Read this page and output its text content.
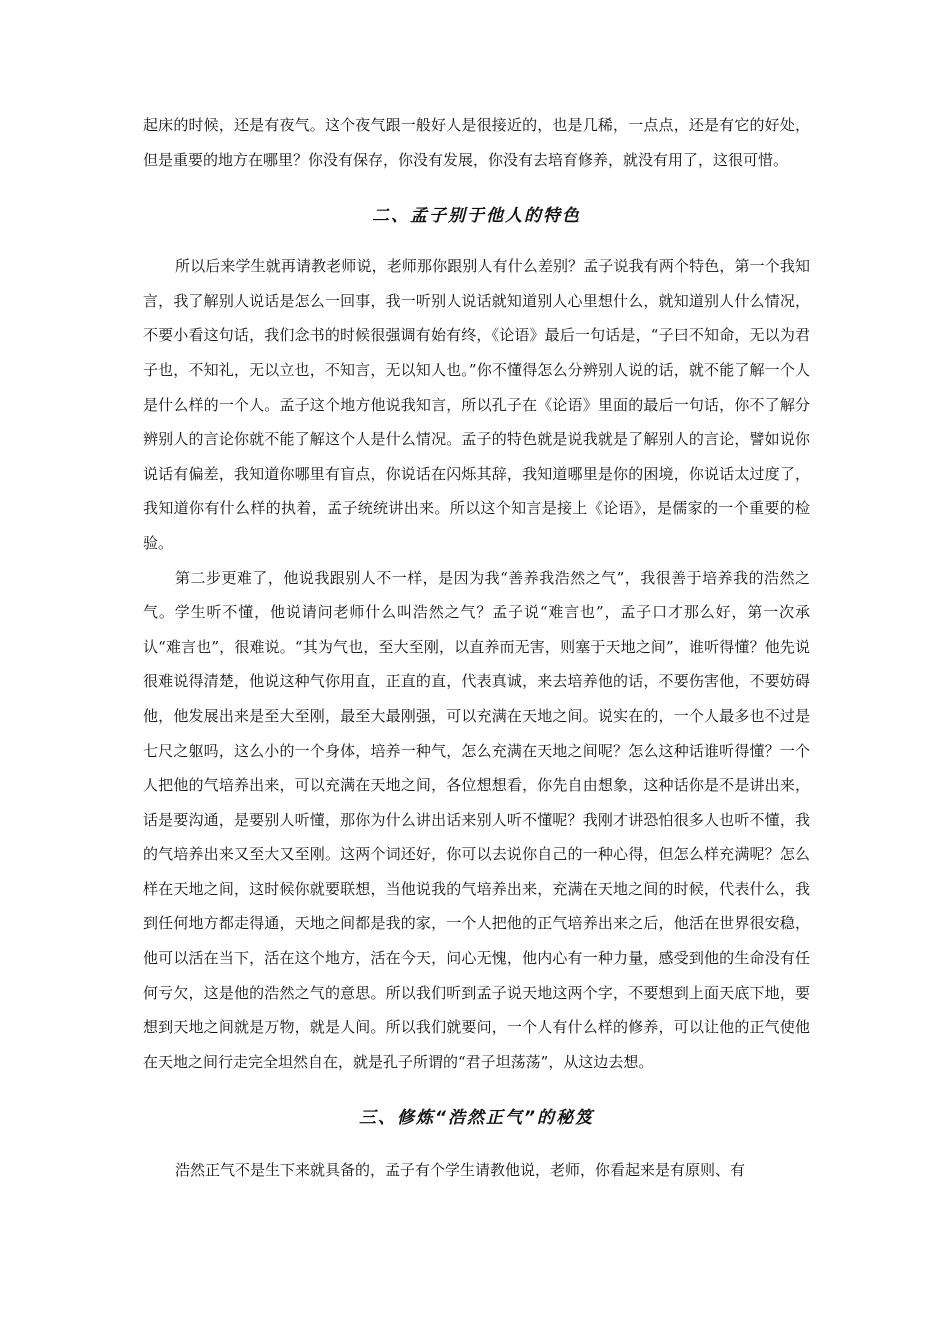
起床的时候，还是有夜气。这个夜气跟一般好人是很接近的，也是几稀，一点点，还是有它的好处，但是重要的地方在哪里？你没有保存，你没有发展，你没有去培育修养，就没有用了，这很可惜。

二、孟子别于他人的特色

所以后来学生就再请教老师说，老师那你跟别人有什么差别？孟子说我有两个特色，第一个我知言，我了解别人说话是怎么一回事，我一听别人说话就知道别人心里想什么，就知道别人什么情况，不要小看这句话，我们念书的时候很强调有始有终，《论语》最后一句话是，“子曰不知命，无以为君子也，不知礼，无以立也，不知言，无以知人也。”你不懂得怎么分辨别人说的话，就不能了解一个人是什么样的一个人。孟子这个地方他说我知言，所以孔子在《论语》里面的最后一句话，你不了解分辨别人的言论你就不能了解这个人是什么情况。孟子的特色就是说我就是了解别人的言论，譬如说你说话有偏差，我知道你哪里有盲点，你说话在闪烁其辞，我知道哪里是你的困境，你说话太过度了，我知道你有什么样的执着，孟子统统讲出来。所以这个知言是接上《论语》，是儒家的一个重要的检验。

第二步更难了，他说我跟别人不一样，是因为我“善养我浩然之气”，我很善于培养我的浩然之气。学生听不懂，他说请问老师什么叫浩然之气？孟子说“难言也”，孟子口才那么好，第一次承认“难言也”，很难说。“其为气也，至大至刚，以直养而无害，则塞于天地之间”，谁听得懂？他先说很难说得清楚，他说这种气你用直，正直的直，代表真诚，来去培养他的话，不要伤害他，不要妨碍他，他发展出来是至大至刚，最至大最刚强，可以充满在天地之间。说实在的，一个人最多也不过是七尺之躯吗，这么小的一个身体，培养一种气，怎么充满在天地之间呢？怎么这种话谁听得懂？一个人把他的气培养出来，可以充满在天地之间，各位想想看，你先自由想象，这种话你是不是讲出来，话是要沟通，是要别人听懂，那你为什么讲出话来别人听不懂呢？我刚才讲恐怕很多人也听不懂，我的气培养出来又至大又至刚。这两个词还好，你可以去说你自己的一种心得，但怎么样充满呢？怎么样在天地之间，这时候你就要联想，当他说我的气培养出来，充满在天地之间的时候，代表什么，我到任何地方都走得通，天地之间都是我的家，一个人把他的正气培养出来之后，他活在世界很安稳，他可以活在当下，活在这个地方，活在今天，问心无愧，他内心有一种力量，感受到他的生命没有任何亏欠，这是他的浩然之气的意思。所以我们听到孟子说天地这两个字，不要想到上面天底下地，要想到天地之间就是万物，就是人间。所以我们就要问，一个人有什么样的修养，可以让他的正气使他在天地之间行走完全坦然自在，就是孔子所谓的“君子坦荡荡”，从这边去想。

三、修炼“浩然正气”的秘笈

浩然正气不是生下来就具备的，孟子有个学生请教他说，老师，你看起来是有原则、有
